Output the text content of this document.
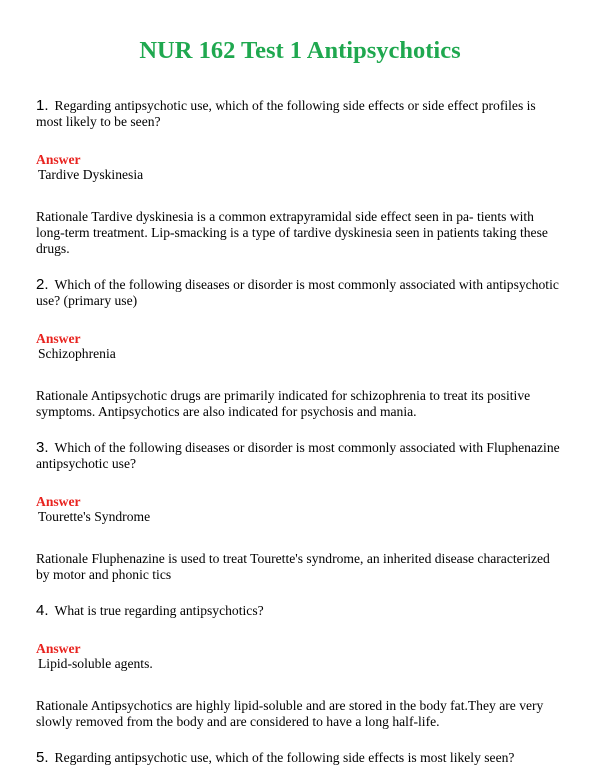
NUR 162 Test 1 Antipsychotics

1. Regarding antipsychotic use, which of the following side effects or side effect profiles is most likely to be seen?

Answer
Tardive Dyskinesia

Rationale Tardive dyskinesia is a common extrapyramidal side effect seen in pa- tients with long-term treatment. Lip-smacking is a type of tardive dyskinesia seen in patients taking these drugs.

2. Which of the following diseases or disorder is most commonly associated with antipsychotic use? (primary use)

Answer
Schizophrenia

Rationale Antipsychotic drugs are primarily indicated for schizophrenia to treat its positive symptoms. Antipsychotics are also indicated for psychosis and mania.

3. Which of the following diseases or disorder is most commonly associated with Fluphenazine antipsychotic use?

Answer
Tourette's Syndrome

Rationale Fluphenazine is used to treat Tourette's syndrome, an inherited disease characterized by motor and phonic tics

4. What is true regarding antipsychotics?

Answer
Lipid-soluble agents.

Rationale Antipsychotics are highly lipid-soluble and are stored in the body fat.They are very slowly removed from the body and are considered to have a long half-life.

5. Regarding antipsychotic use, which of the following side effects is most likely seen?
